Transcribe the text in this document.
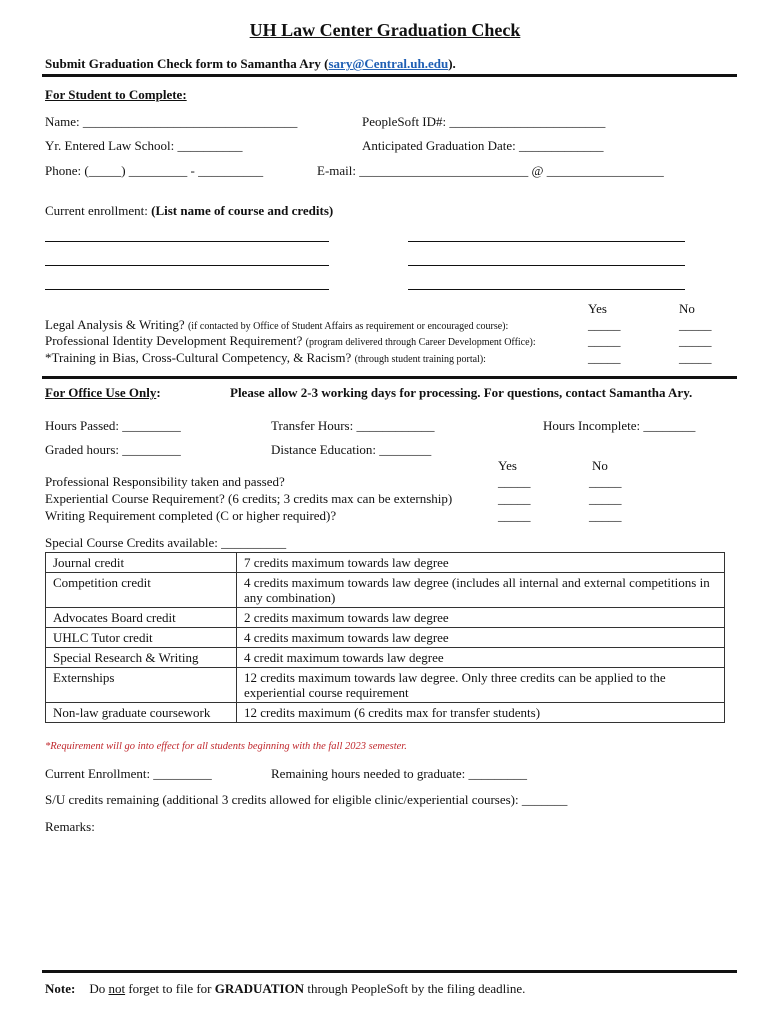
UH Law Center Graduation Check
Submit Graduation Check form to Samantha Ary (sary@Central.uh.edu).
For Student to Complete:
Name: _________________________________	PeopleSoft ID#: ________________________
Yr. Entered Law School: __________	Anticipated Graduation Date: _____________
Phone: (_____) _________ - __________	E-mail: __________________________ @ __________________
Current enrollment: (List name of course and credits)
Yes	No
Legal Analysis & Writing? (if contacted by Office of Student Affairs as requirement or encouraged course):	_____	_____
Professional Identity Development Requirement? (program delivered through Career Development Office):	_____	_____
*Training in Bias, Cross-Cultural Competency, & Racism? (through student training portal):	_____	_____
For Office Use Only:	Please allow 2-3 working days for processing. For questions, contact Samantha Ary.
Hours Passed: _________	Transfer Hours: ____________	Hours Incomplete: ________
Graded hours: _________	Distance Education: ________
Yes	No
Professional Responsibility taken and passed?	_____	_____
Experiential Course Requirement? (6 credits; 3 credits max can be externship)	_____	_____
Writing Requirement completed (C or higher required)?	_____	_____
Special Course Credits available: __________
Journal credit	7 credits maximum towards law degree
Competition credit	4 credits maximum towards law degree (includes all internal and external competitions in any combination)
Advocates Board credit	2 credits maximum towards law degree
UHLC Tutor credit	4 credits maximum towards law degree
Special Research & Writing	4 credit maximum towards law degree
Externships	12 credits maximum towards law degree. Only three credits can be applied to the experiential course requirement
Non-law graduate coursework	12 credits maximum (6 credits max for transfer students)
*Requirement will go into effect for all students beginning with the fall 2023 semester.
Current Enrollment: _________	Remaining hours needed to graduate: _________
S/U credits remaining (additional 3 credits allowed for eligible clinic/experiential courses): _______
Remarks:
Note: Do not forget to file for GRADUATION through PeopleSoft by the filing deadline.
